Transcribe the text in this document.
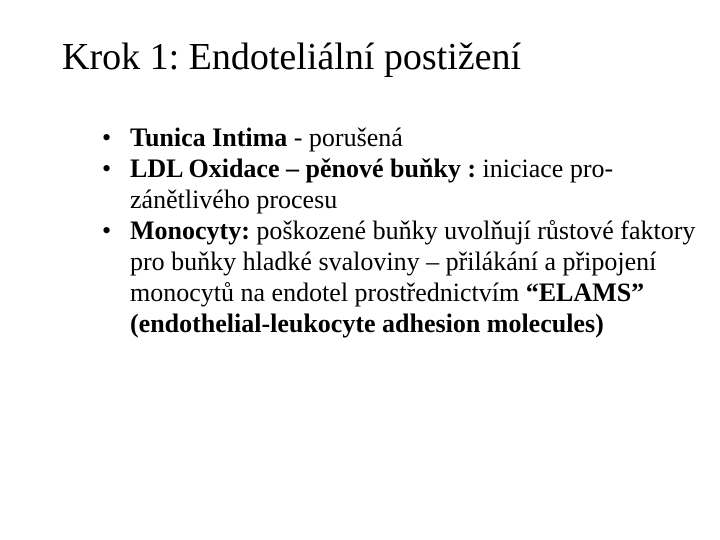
Krok 1: Endoteliální postižení
• Tunica Intima - porušená
• LDL Oxidace – pěnové buňky : iniciace pro-zánětlivého procesu
• Monocyty: poškozené buňky uvolňují růstové faktory pro buňky hladké svaloviny – přilákání a připojení monocytů na endotel prostřednictvím “ELAMS” (endothelial-leukocyte adhesion molecules)
